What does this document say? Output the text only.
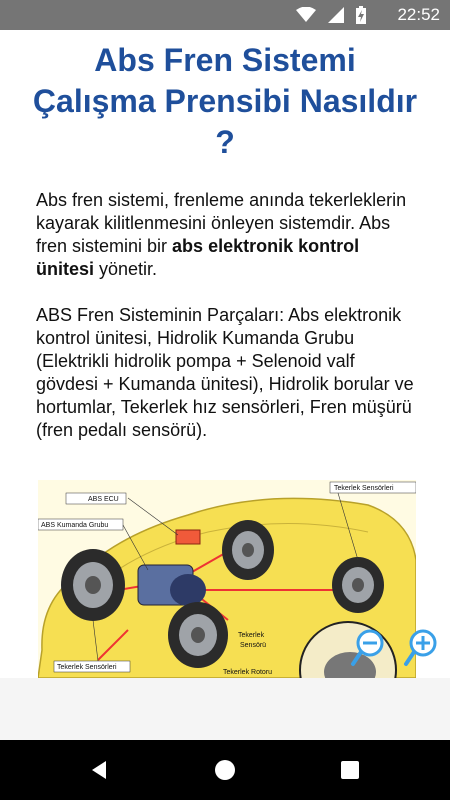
22:52
Abs Fren Sistemi Çalışma Prensibi Nasıldır ?

Abs fren sistemi, frenleme anında tekerleklerin kayarak kilitlenmesini önleyen sistemdir. Abs fren sistemini bir abs elektronik kontrol ünitesi yönetir.

ABS Fren Sisteminin Parçaları: Abs elektronik kontrol ünitesi, Hidrolik Kumanda Grubu (Elektrikli hidrolik pompa + Selenoid valf gövdesi + Kumanda ünitesi), Hidrolik borular ve hortumlar, Tekerlek hız sensörleri, Fren müşürü (fren pedalı sensörü).

ABS ECU
ABS Kumanda Grubu
Tekerlek Sensörleri
Tekerlek Sensörleri
Tekerlek
Sensörü
Tekerlek Rotoru
